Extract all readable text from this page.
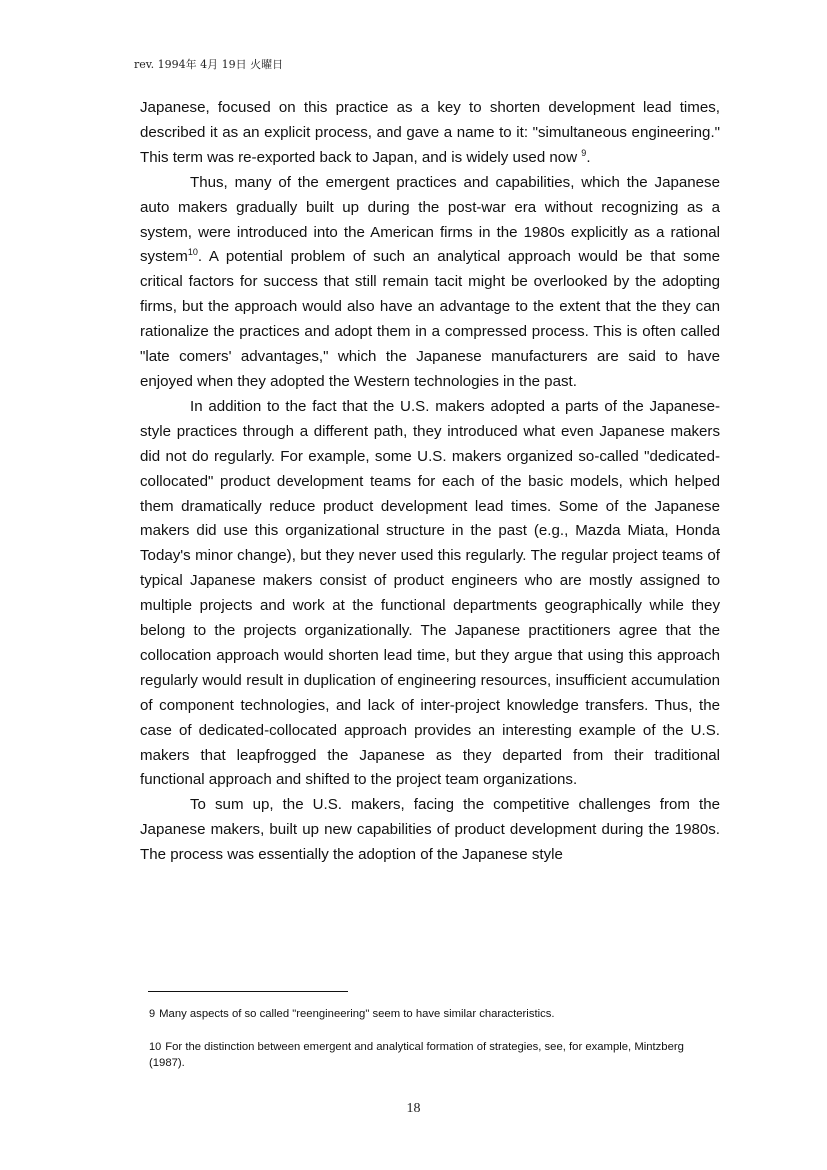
rev. 1994年 4月 19日 火曜日

Japanese, focused on this practice as a key to shorten development lead times, described it as an explicit process, and gave a name to it: "simultaneous engineering." This term was re-exported back to Japan, and is widely used now $^9$.

Thus, many of the emergent practices and capabilities, which the Japanese auto makers gradually built up during the post-war era without recognizing as a system, were introduced into the American firms in the 1980s explicitly as a rational system$^{10}$. A potential problem of such an analytical approach would be that some critical factors for success that still remain tacit might be overlooked by the adopting firms, but the approach would also have an advantage to the extent that the they can rationalize the practices and adopt them in a compressed process. This is often called "late comers' advantages," which the Japanese manufacturers are said to have enjoyed when they adopted the Western technologies in the past.

In addition to the fact that the U.S. makers adopted a parts of the Japanese-style practices through a different path, they introduced what even Japanese makers did not do regularly. For example, some U.S. makers organized so-called "dedicated-collocated" product development teams for each of the basic models, which helped them dramatically reduce product development lead times. Some of the Japanese makers did use this organizational structure in the past (e.g., Mazda Miata, Honda Today's minor change), but they never used this regularly. The regular project teams of typical Japanese makers consist of product engineers who are mostly assigned to multiple projects and work at the functional departments geographically while they belong to the projects organizationally. The Japanese practitioners agree that the collocation approach would shorten lead time, but they argue that using this approach regularly would result in duplication of engineering resources, insufficient accumulation of component technologies, and lack of inter-project knowledge transfers. Thus, the case of dedicated-collocated approach provides an interesting example of the U.S. makers that leapfrogged the Japanese as they departed from their traditional functional approach and shifted to the project team organizations.

To sum up, the U.S. makers, facing the competitive challenges from the Japanese makers, built up new capabilities of product development during the 1980s. The process was essentially the adoption of the Japanese style

9 Many aspects of so called "reengineering" seem to have similar characteristics.
10 For the distinction between emergent and analytical formation of strategies, see, for example, Mintzberg (1987).
18
